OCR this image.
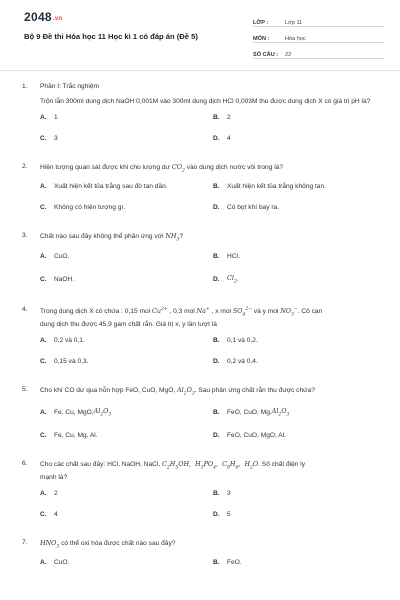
2048.vn
Bộ 9 Đề thi Hóa học 11 Học kì 1 có đáp án (Đề 5)
LỚP :	Lớp 11
MÔN :	Hóa học
SỐ CÂU :	22
1. Phần I: Trắc nghiệm
Trộn lẫn 300ml dung dịch NaOH 0,001M vào 300ml dung dịch HCl 0,003M thu được dung dịch X có giá trị pH là?
A.	1	B.	2
C.	3	D.	4
2. Hiện tượng quan sát được khi cho lượng dư $CO_2$ vào dung dịch nước vôi trong là?
A.	Xuất hiện kết tủa trắng sau đó tan dần.	B.	Xuất hiện kết tủa trắng không tan.
C.	Không có hiện tượng gì.	D.	Có bọt khí bay ra.
3. Chất nào sau đây không thể phản ứng với $NH_3$?
A.	CuO.	B.	HCl.
C.	NaOH.	D.	$Cl_2$ .
4. Trong dung dịch X có chứa : 0,15 mol $Cu^{2+}$ , 0,3 mol Na+ , x mol $SO_4^{2-}$ và y mol $NO_3^-$. Cô cạn
dung dịch thu được 45,9 gam chất rắn. Giá trị x, y lần lượt là
A.	0,2 và 0,1.	B.	0,1 và 0,2.
C.	0,15 và 0,3.	D.	0,2 và 0,4.
5. Cho khí CO dư qua hỗn hợp FeO, CuO, MgO, $Al_2O_3$. Sau phản ứng chất rắn thu được chứa?
A.	Fe, Cu, MgO, $Al_2O_3$	B.	FeO, CuO, Mg, $Al_2O_3$
C.	Fe, Cu, Mg, Al.	D.	FeO, CuO, MgO, Al.
6. Cho các chất sau đây: HCl, NaOH, NaCl, $C_2H_5OH$,  $H_3PO_4$,  $C_6H_6$,  $H_2O$. Số chất điện ly
mạnh là?
A.	2	B.	3
C.	4	D.	5
7. $HNO_3$ có thể oxi hóa được chất nào sau đây?
A.	CuO.	B.	FeO.
